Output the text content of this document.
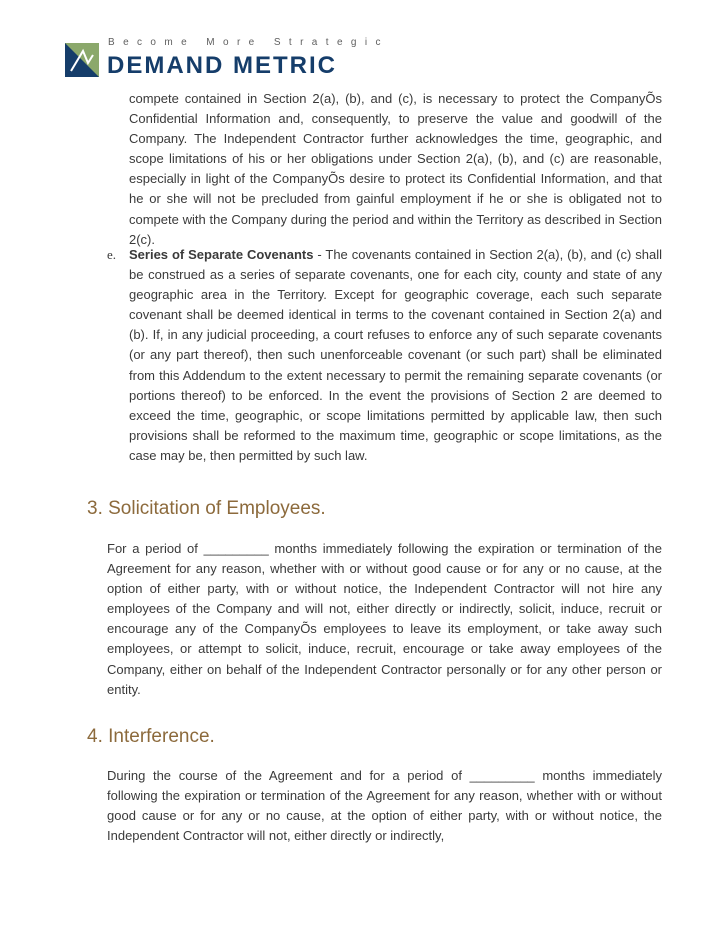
Become More Strategic

DEMAND METRIC

compete contained in Section 2(a), (b), and (c), is necessary to protect the CompanyÕs Confidential Information and, consequently, to preserve the value and goodwill of the Company. The Independent Contractor further acknowledges the time, geographic, and scope limitations of his or her obligations under Section 2(a), (b), and (c) are reasonable, especially in light of the CompanyÕs desire to protect its Confidential Information, and that he or she will not be precluded from gainful employment if he or she is obligated not to compete with the Company during the period and within the Territory as described in Section 2(c).

e. Series of Separate Covenants - The covenants contained in Section 2(a), (b), and (c) shall be construed as a series of separate covenants, one for each city, county and state of any geographic area in the Territory. Except for geographic coverage, each such separate covenant shall be deemed identical in terms to the covenant contained in Section 2(a) and (b). If, in any judicial proceeding, a court refuses to enforce any of such separate covenants (or any part thereof), then such unenforceable covenant (or such part) shall be eliminated from this Addendum to the extent necessary to permit the remaining separate covenants (or portions thereof) to be enforced. In the event the provisions of Section 2 are deemed to exceed the time, geographic, or scope limitations permitted by applicable law, then such provisions shall be reformed to the maximum time, geographic or scope limitations, as the case may be, then permitted by such law.

3. Solicitation of Employees.

For a period of _________ months immediately following the expiration or termination of the Agreement for any reason, whether with or without good cause or for any or no cause, at the option of either party, with or without notice, the Independent Contractor will not hire any employees of the Company and will not, either directly or indirectly, solicit, induce, recruit or encourage any of the CompanyÕs employees to leave its employment, or take away such employees, or attempt to solicit, induce, recruit, encourage or take away employees of the Company, either on behalf of the Independent Contractor personally or for any other person or entity.

4. Interference.

During the course of the Agreement and for a period of _________ months immediately following the expiration or termination of the Agreement for any reason, whether with or without good cause or for any or no cause, at the option of either party, with or without notice, the Independent Contractor will not, either directly or indirectly,
